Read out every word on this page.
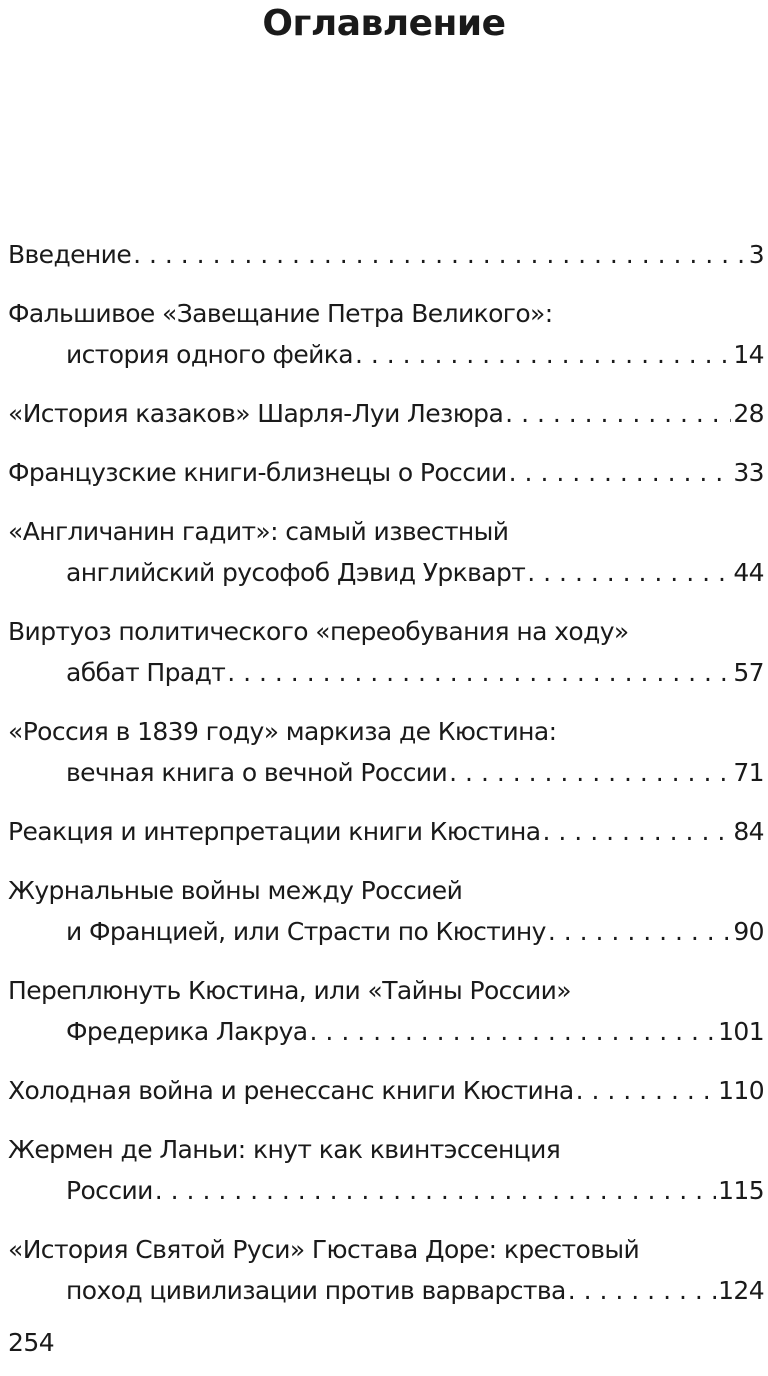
Оглавление
Введение . . .	3
Фальшивое «Завещание Петра Великого»:
история одного фейка . . .	14
«История казаков» Шарля-Луи Лезюра . . .	28
Французские книги-близнецы о России . . .	33
«Англичанин гадит»: самый известный
английский русофоб Дэвид Уркварт . . .	44
Виртуоз политического «переобувания на ходу»
аббат Прадт . . .	57
«Россия в 1839 году» маркиза де Кюстина:
вечная книга о вечной России . . .	71
Реакция и интерпретации книги Кюстина . . .	84
Журнальные войны между Россией
и Францией, или Страсти по Кюстину . . .	90
Переплюнуть Кюстина, или «Тайны России»
Фредерика Лакруа . . .	101
Холодная война и ренессанс книги Кюстина . . .	110
Жермен де Ланьи: кнут как квинтэссенция
России . . .	115
«История Святой Руси» Гюстава Доре: крестовый
поход цивилизации против варварства . . .	124
254
